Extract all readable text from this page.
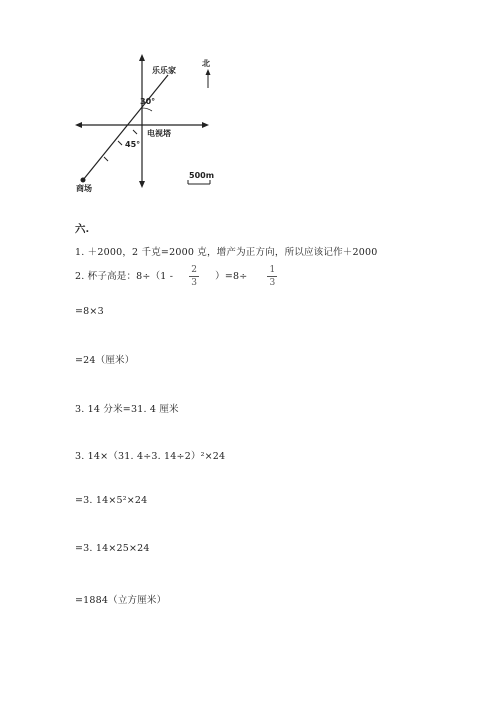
乐乐家
北
30°
电视塔
45°
商场
500m
六.
1. ＋2000，2 千克=2000 克，增产为正方向，所以应该记作＋2000
2. 杯子高是：$8\div(1 - \frac{2}{3} )=8\div \frac{1}{3}$
=8×3
=24（厘米）
3. 14 分米=31. 4 厘米
3. 14×（31. 4÷3. 14÷2）²×24
=3. 14×5²×24
=3. 14×25×24
=1884（立方厘米）
